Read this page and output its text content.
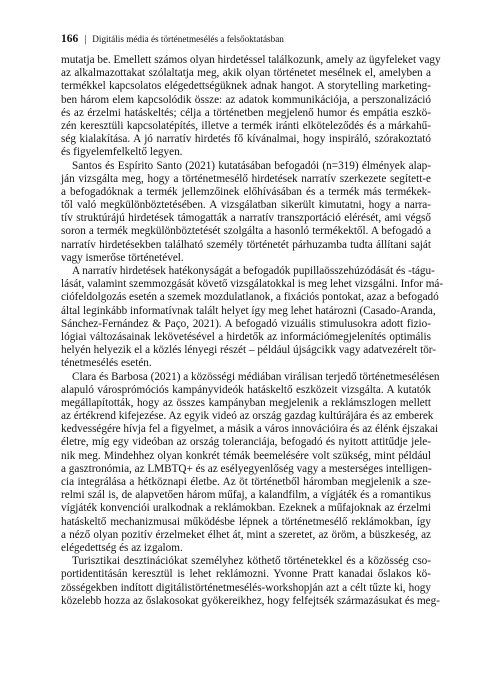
166 | Digitális média és történetmesélés a felsőoktatásban
mutatja be. Emellett számos olyan hirdetéssel találkozunk, amely az ügyfeleket vagy
az alkalmazottakat szólaltatja meg, akik olyan történetet mesélnek el, amelyben a
termékkel kapcsolatos elégedettségüknek adnak hangot. A storytelling marketing-
ben három elem kapcsolódik össze: az adatok kommunikációja, a perszonalizáció
és az érzelmi hatáskeltés; célja a történetben megjelenő humor és empátia eszkö-
zén keresztüli kapcsolatépítés, illetve a termék iránti elköteleződés és a márkahű-
ség kialakítása. A jó narratív hirdetés fő kívánalmai, hogy inspiráló, szórakoztató
és figyelemfelkeltő legyen.
Santos és Espírito Santo (2021) kutatásában befogadói (n=319) élmények alap-
ján vizsgálta meg, hogy a történetmesélő hirdetések narratív szerkezete segített-e
a befogadóknak a termék jellemzőinek előhívásában és a termék más termékek-
től való megkülönböztetésében. A vizsgálatban sikerült kimutatni, hogy a narra-
tív struktúrájú hirdetések támogatták a narratív transzportáció elérését, ami végső
soron a termék megkülönböztetését szolgálta a hasonló termékektől. A befogadó a
narratív hirdetésekben található személy történetét párhuzamba tudta állítani saját
vagy ismerőse történetével.
A narratív hirdetések hatékonyságát a befogadók pupillaösszehúzódását és -tágu-
lását, valamint szemmozgását követő vizsgálatokkal is meg lehet vizsgálni. Infor má-
ciófeldolgozás esetén a szemek mozdulatlanok, a fixációs pontokat, azaz a befogadó
által leginkább informatívnak talált helyet így meg lehet határozni (Casado-Aranda,
Sánchez-Fernández & Paço, 2021). A befogadó vizuális stimulusokra adott fizio-
lógiai változásainak lekövetésével a hirdetők az információmegjelenítés optimális
helyén helyezik el a közlés lényegi részét – például újságcikk vagy adatvezérelt tör-
ténetmesélés esetén.
Clara és Barbosa (2021) a közösségi médiában virálisan terjedő történetmesélésen
alapuló városprómóciós kampányvideók hatáskeltő eszközeit vizsgálta. A kutatók
megállapították, hogy az összes kampányban megjelenik a reklámszlogen mellett
az értékrend kifejezése. Az egyik videó az ország gazdag kultúrájára és az emberek
kedvességére hívja fel a figyelmet, a másik a város innovációira és az élénk éjszakai
életre, míg egy videóban az ország toleranciája, befogadó és nyitott attitűdje jele-
nik meg. Mindehhez olyan konkrét témák beemelésére volt szükség, mint például
a gasztronómia, az LMBTQ+ és az esélyegyenlőség vagy a mesterséges intelligen-
cia integrálása a hétköznapi életbe. Az öt történetből háromban megjelenik a sze-
relmi szál is, de alapvetően három műfaj, a kalandfilm, a vígjáték és a romantikus
vígjáték konvenciói uralkodnak a reklámokban. Ezeknek a műfajoknak az érzelmi
hatáskeltő mechanizmusai működésbe lépnek a történetmesélő reklámokban, így
a néző olyan pozitív érzelmeket élhet át, mint a szeretet, az öröm, a büszkeség, az
elégedettség és az izgalom.
Turisztikai desztinációkat személyhez köthető történetekkel és a közösség cso-
portidentitásán keresztül is lehet reklámozni. Yvonne Pratt kanadai őslakos kö-
zösségekben indított digitálistörténetmesélés-workshopján azt a célt tűzte ki, hogy
közelebb hozza az őslakosokat gyökereikhez, hogy felfejtsék származásukat és meg-
